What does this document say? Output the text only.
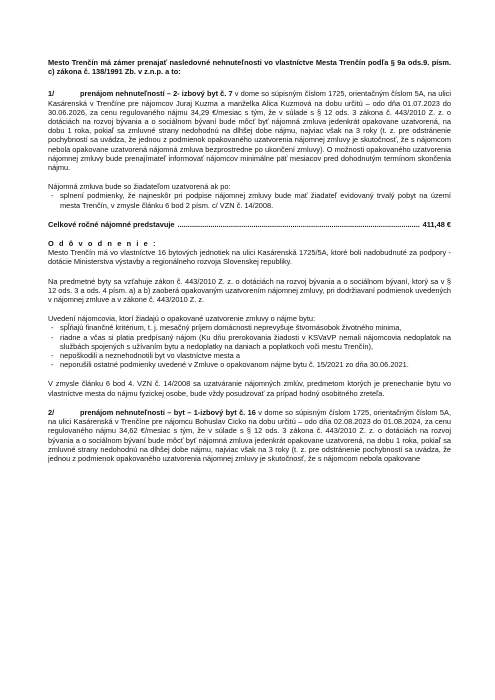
Mesto Trenčín má zámer prenajať nasledovné nehnuteľnosti vo vlastníctve Mesta Trenčín podľa § 9a ods.9. písm. c) zákona č. 138/1991 Zb. v z.n.p. a to:

1/	prenájom nehnuteľností – 2- izbový byt č. 7 v dome so súpisným číslom 1725, orientačným číslom 5A, na ulici Kasárenská v Trenčíne pre nájomcov Juraj Kuzma a manželka Alica Kuzmová na dobu určitú – odo dňa 01.07.2023 do 30.06.2026, za cenu regulovaného nájmu 34,29 €/mesiac s tým, že v súlade s § 12 ods. 3 zákona č. 443/2010 Z. z. o dotáciách na rozvoj bývania a o sociálnom bývaní bude môcť byť nájomná zmluva jedenkrát opakovane uzatvorená, na dobu 1 roka, pokiaľ sa zmluvné strany nedohodnú na dlhšej dobe nájmu, najviac však na 3 roky (t. z. pre odstránenie pochybností sa uvádza, že jednou z podmienok opakovaného uzatvorenia nájomnej zmluvy je skutočnosť, že s nájomcom nebola opakovane uzatvorená nájomná zmluva bezprostredne po ukončení zmluvy). O možnosti opakovaného uzatvorenia nájomnej zmluvy bude prenajímateľ informovať nájomcov minimálne päť mesiacov pred dohodnutým termínom skončenia nájmu.

Nájomná zmluva bude so žiadateľom uzatvorená ak po:

- splnení podmienky, že najneskôr pri podpise nájomnej zmluvy bude mať žiadateľ evidovaný trvalý pobyt na území mesta Trenčín, v zmysle článku 6 bod 2 písm. c/ VZN č. 14/2008.
Celkové ročné nájomné predstavuje
.....	411,48 €

O d ô v o d n e n i e :

Mesto Trenčín má vo vlastníctve 16 bytových jednotiek na ulici Kasárenská 1725/5A, ktoré boli nadobudnuté za podpory - dotácie Ministerstva výstavby a regionálneho rozvoja Slovenskej republiky.

Na predmetné byty sa vzťahuje zákon č. 443/2010 Z. z. o dotáciách na rozvoj bývania a o sociálnom bývaní, ktorý sa v § 12 ods. 3 a ods. 4 písm. a) a b) zaoberá opakovaným uzatvorením nájomnej zmluvy, pri dodržiavaní podmienok uvedených v nájomnej zmluve a v zákone č. 443/2010 Z. z.

Uvedení nájomcovia, ktorí žiadajú o opakované uzatvorenie zmluvy o nájme bytu:

- spĺňajú finančné kritérium, t. j. mesačný príjem domácnosti neprevyšuje štvornásobok životného minima,
- riadne a včas si platia predpísaný nájom (Ku dňu prerokovania žiadosti v KSVaVP nemali nájomcovia nedoplatok na službách spojených s užívaním bytu a nedoplatky na daniach a poplatkoch voči mestu Trenčín),
- nepoškodili a neznehodnotili byt vo vlastníctve mesta a
- neporušili ostatné podmienky uvedené v Zmluve o opakovanom nájme bytu č. 15/2021 zo dňa 30.06.2021.

V zmysle článku 6 bod 4. VZN č. 14/2008 sa uzatváranie nájomných zmlúv, predmetom ktorých je prenechanie bytu vo vlastníctve mesta do nájmu fyzickej osobe, bude vždy posudzovať za prípad hodný osobitného zreteľa.

2/	prenájom nehnuteľnosti – byt – 1-izbový byt č. 16 v dome so súpisným číslom 1725, orientačným číslom 5A, na ulici Kasárenská v Trenčíne pre nájomcu Bohuslav Cicko na dobu určitú – odo dňa 02.08.2023 do 01.08.2024, za cenu regulovaného nájmu 34,62 €/mesiac s tým, že v súlade s § 12 ods. 3 zákona č. 443/2010 Z. z. o dotáciách na rozvoj bývania a o sociálnom bývaní bude môcť byť nájomná zmluva jedenkrát opakovane uzatvorená, na dobu 1 roka, pokiaľ sa zmluvné strany nedohodnú na dlhšej dobe nájmu, najviac však na 3 roky (t. z. pre odstránenie pochybností sa uvádza, že jednou z podmienok opakovaného uzatvorenia nájomnej zmluvy je skutočnosť, že s nájomcom nebola opakovane
